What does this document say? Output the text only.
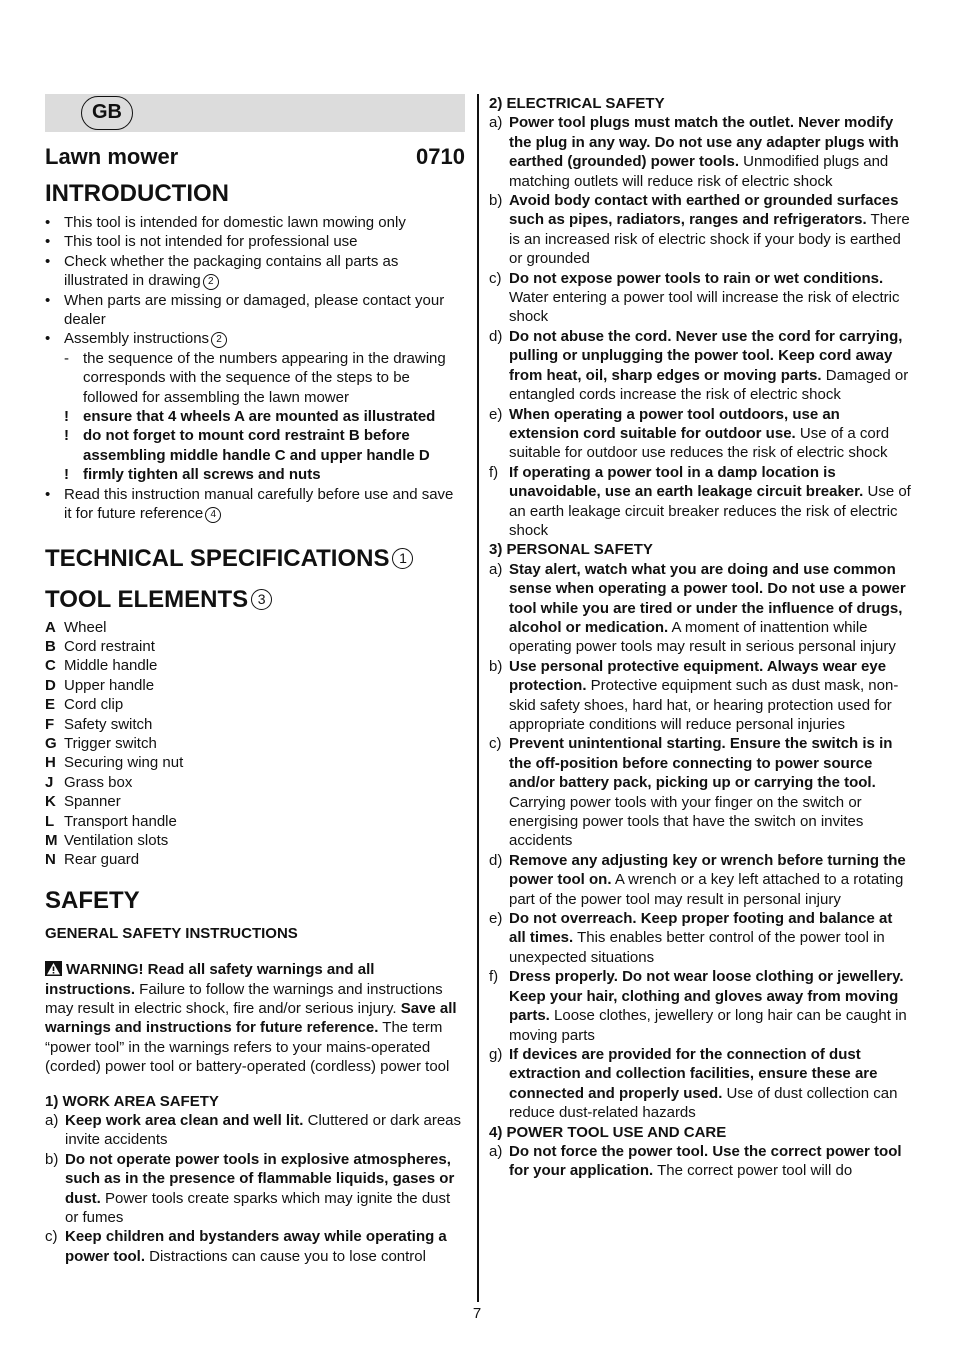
GB
Lawn mower	0710
INTRODUCTION
• This tool is intended for domestic lawn mowing only
• This tool is not intended for professional use
• Check whether the packaging contains all parts as illustrated in drawing 2
• When parts are missing or damaged, please contact your dealer
• Assembly instructions 2
- the sequence of the numbers appearing in the drawing corresponds with the sequence of the steps to be followed for assembling the lawn mower
! ensure that 4 wheels A are mounted as illustrated
! do not forget to mount cord restraint B before assembling middle handle C and upper handle D
! firmly tighten all screws and nuts
• Read this instruction manual carefully before use and save it for future reference 4
TECHNICAL SPECIFICATIONS 1
TOOL ELEMENTS 3
A Wheel
B Cord restraint
C Middle handle
D Upper handle
E Cord clip
F Safety switch
G Trigger switch
H Securing wing nut
J Grass box
K Spanner
L Transport handle
M Ventilation slots
N Rear guard
SAFETY
GENERAL SAFETY INSTRUCTIONS
WARNING! Read all safety warnings and all instructions. Failure to follow the warnings and instructions may result in electric shock, fire and/or serious injury. Save all warnings and instructions for future reference. The term “power tool” in the warnings refers to your mains-operated (corded) power tool or battery-operated (cordless) power tool
1) WORK AREA SAFETY
a) Keep work area clean and well lit. Cluttered or dark areas invite accidents
b) Do not operate power tools in explosive atmospheres, such as in the presence of flammable liquids, gases or dust. Power tools create sparks which may ignite the dust or fumes
c) Keep children and bystanders away while operating a power tool. Distractions can cause you to lose control
2) ELECTRICAL SAFETY
a) Power tool plugs must match the outlet. Never modify the plug in any way. Do not use any adapter plugs with earthed (grounded) power tools. Unmodified plugs and matching outlets will reduce risk of electric shock
b) Avoid body contact with earthed or grounded surfaces such as pipes, radiators, ranges and refrigerators. There is an increased risk of electric shock if your body is earthed or grounded
c) Do not expose power tools to rain or wet conditions. Water entering a power tool will increase the risk of electric shock
d) Do not abuse the cord. Never use the cord for carrying, pulling or unplugging the power tool. Keep cord away from heat, oil, sharp edges or moving parts. Damaged or entangled cords increase the risk of electric shock
e) When operating a power tool outdoors, use an extension cord suitable for outdoor use. Use of a cord suitable for outdoor use reduces the risk of electric shock
f) If operating a power tool in a damp location is unavoidable, use an earth leakage circuit breaker. Use of an earth leakage circuit breaker reduces the risk of electric shock
3) PERSONAL SAFETY
a) Stay alert, watch what you are doing and use common sense when operating a power tool. Do not use a power tool while you are tired or under the influence of drugs, alcohol or medication. A moment of inattention while operating power tools may result in serious personal injury
b) Use personal protective equipment. Always wear eye protection. Protective equipment such as dust mask, non-skid safety shoes, hard hat, or hearing protection used for appropriate conditions will reduce personal injuries
c) Prevent unintentional starting. Ensure the switch is in the off-position before connecting to power source and/or battery pack, picking up or carrying the tool. Carrying power tools with your finger on the switch or energising power tools that have the switch on invites accidents
d) Remove any adjusting key or wrench before turning the power tool on. A wrench or a key left attached to a rotating part of the power tool may result in personal injury
e) Do not overreach. Keep proper footing and balance at all times. This enables better control of the power tool in unexpected situations
f) Dress properly. Do not wear loose clothing or jewellery. Keep your hair, clothing and gloves away from moving parts. Loose clothes, jewellery or long hair can be caught in moving parts
g) If devices are provided for the connection of dust extraction and collection facilities, ensure these are connected and properly used. Use of dust collection can reduce dust-related hazards
4) POWER TOOL USE AND CARE
a) Do not force the power tool. Use the correct power tool for your application. The correct power tool will do
7
